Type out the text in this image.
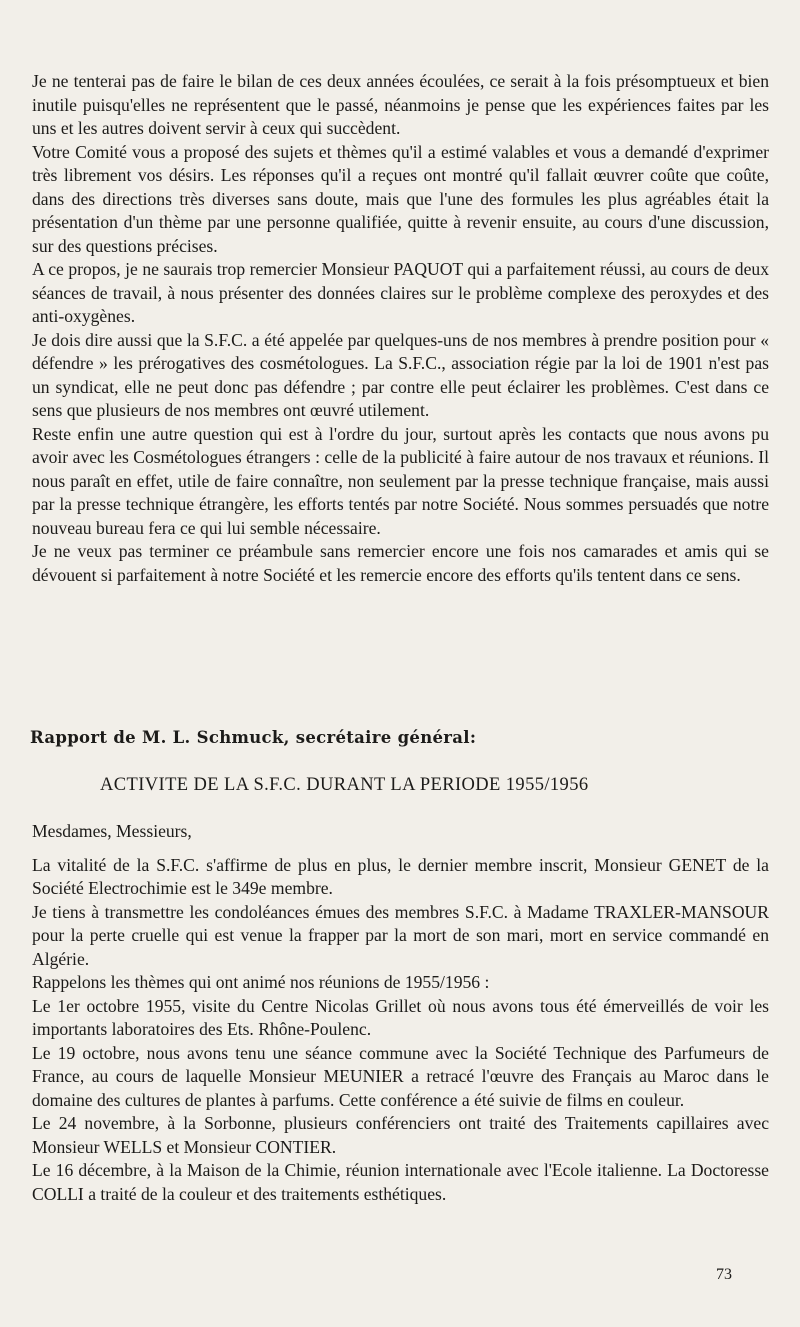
Je ne tenterai pas de faire le bilan de ces deux années écoulées, ce serait à la fois présomptueux et bien inutile puisqu'elles ne représentent que le passé, néanmoins je pense que les expériences faites par les uns et les autres doivent servir à ceux qui succèdent.

Votre Comité vous a proposé des sujets et thèmes qu'il a estimé valables et vous a demandé d'exprimer très librement vos désirs. Les réponses qu'il a reçues ont montré qu'il fallait œuvrer coûte que coûte, dans des directions très diverses sans doute, mais que l'une des formules les plus agréables était la présentation d'un thème par une personne qualifiée, quitte à revenir ensuite, au cours d'une discussion, sur des questions précises.

A ce propos, je ne saurais trop remercier Monsieur PAQUOT qui a parfaitement réussi, au cours de deux séances de travail, à nous présenter des données claires sur le problème complexe des peroxydes et des anti-oxygènes.

Je dois dire aussi que la S.F.C. a été appelée par quelques-uns de nos membres à prendre position pour « défendre » les prérogatives des cosmétologues. La S.F.C., association régie par la loi de 1901 n'est pas un syndicat, elle ne peut donc pas défendre ; par contre elle peut éclairer les problèmes. C'est dans ce sens que plusieurs de nos membres ont œuvré utilement.

Reste enfin une autre question qui est à l'ordre du jour, surtout après les contacts que nous avons pu avoir avec les Cosmétologues étrangers : celle de la publicité à faire autour de nos travaux et réunions. Il nous paraît en effet, utile de faire connaître, non seulement par la presse technique française, mais aussi par la presse technique étrangère, les efforts tentés par notre Société. Nous sommes persuadés que notre nouveau bureau fera ce qui lui semble nécessaire.

Je ne veux pas terminer ce préambule sans remercier encore une fois nos camarades et amis qui se dévouent si parfaitement à notre Société et les remercie encore des efforts qu'ils tentent dans ce sens.

Rapport de M. L. Schmuck, secrétaire général:
ACTIVITE DE LA S.F.C. DURANT LA PERIODE 1955/1956

Mesdames, Messieurs,

La vitalité de la S.F.C. s'affirme de plus en plus, le dernier membre inscrit, Monsieur GENET de la Société Electrochimie est le 349e membre.

Je tiens à transmettre les condoléances émues des membres S.F.C. à Madame TRAXLER-MANSOUR pour la perte cruelle qui est venue la frapper par la mort de son mari, mort en service commandé en Algérie.

Rappelons les thèmes qui ont animé nos réunions de 1955/1956 :

Le 1er octobre 1955, visite du Centre Nicolas Grillet où nous avons tous été émerveillés de voir les importants laboratoires des Ets. Rhône-Poulenc.

Le 19 octobre, nous avons tenu une séance commune avec la Société Technique des Parfumeurs de France, au cours de laquelle Monsieur MEUNIER a retracé l'œuvre des Français au Maroc dans le domaine des cultures de plantes à parfums. Cette conférence a été suivie de films en couleur.

Le 24 novembre, à la Sorbonne, plusieurs conférenciers ont traité des Traitements capillaires avec Monsieur WELLS et Monsieur CONTIER.

Le 16 décembre, à la Maison de la Chimie, réunion internationale avec l'Ecole italienne. La Doctoresse COLLI a traité de la couleur et des traitements esthétiques.

73
